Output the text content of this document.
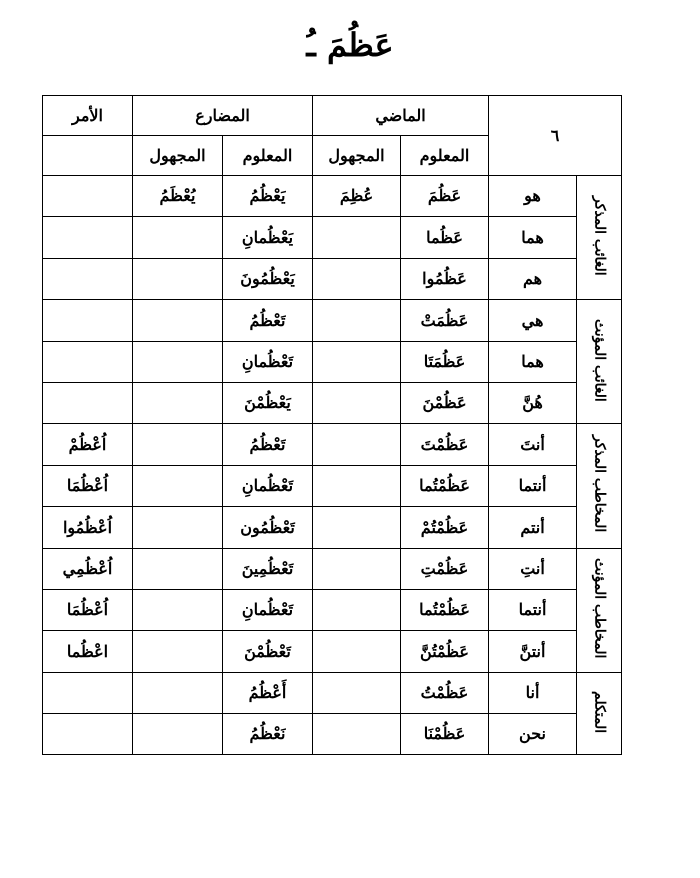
عَظُمَ ـُ
٦		الماضي		المضارع		الأمر
		المعلوم	المجهول	المعلوم	المجهول	
الغائب المذكر	هو	عَظُمَ	عُظِمَ	يَعْظُمُ	يُعْظَمُ	
	هما	عَظُما		يَعْظُمانِ		
	هم	عَظُمُوا		يَعْظُمُونَ		
الغائب المؤنث	هي	عَظُمَتْ		تَعْظُمُ		
	هما	عَظُمَتَا		تَعْظُمانِ		
	هُنَّ	عَظُمْنَ		يَعْظُمْنَ		
المخاطب المذكر	أنتَ	عَظُمْتَ		تَعْظُمُ		اُعْظُمْ
	أنتما	عَظُمْتُما		تَعْظُمانِ		اُعْظُمَا
	أنتم	عَظُمْتُمْ		تَعْظُمُون		اُعْظُمُوا
المخاطب المؤنث	أنتِ	عَظُمْتِ		تَعْظُمِينَ		اُعْظُمِي
	أنتما	عَظُمْتُما		تَعْظُمانِ		اُعْظُمَا
	أنتنَّ	عَظُمْتُنَّ		تَعْظُمْنَ		اعْظُما
المتكلم	أنا	عَظُمْتُ		أَعْظُمُ		
	نحن	عَظُمْنَا		نَعْظُمُ		
